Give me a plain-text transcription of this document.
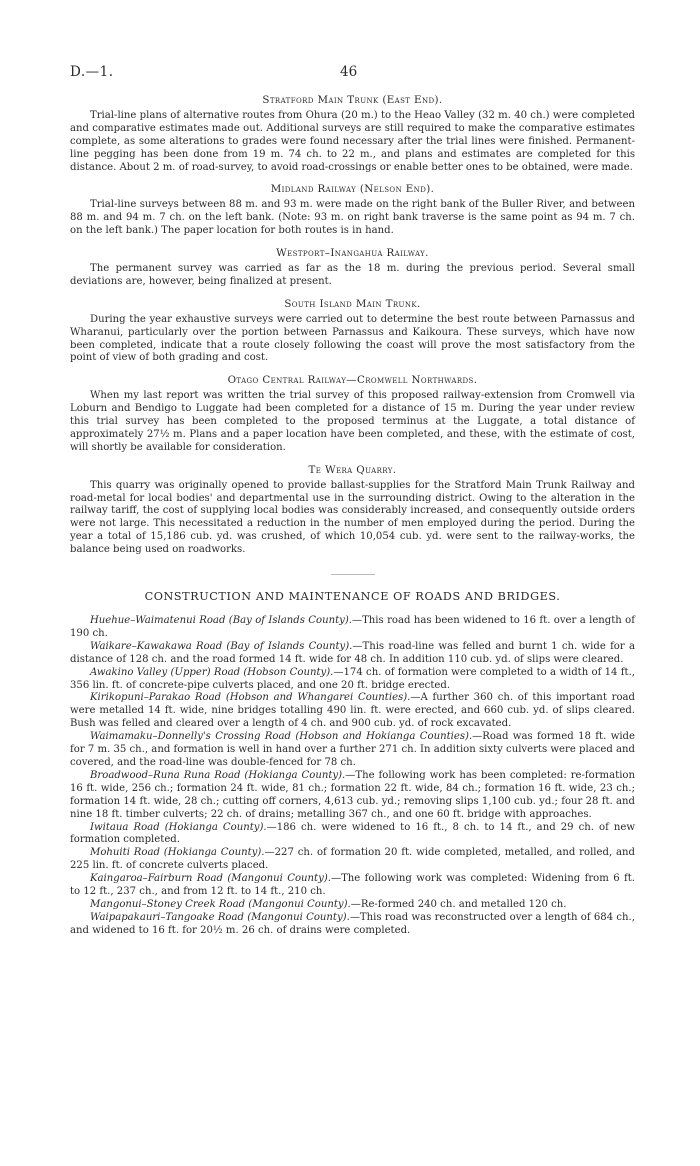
D.—1.	46
Stratford Main Trunk (East End).

Trial-line plans of alternative routes from Ohura (20 m.) to the Heao Valley (32 m. 40 ch.) were completed and comparative estimates made out. Additional surveys are still required to make the comparative estimates complete, as some alterations to grades were found necessary after the trial lines were finished. Permanent-line pegging has been done from 19 m. 74 ch. to 22 m., and plans and estimates are completed for this distance. About 2 m. of road-survey, to avoid road-crossings or enable better ones to be obtained, were made.

Midland Railway (Nelson End).

Trial-line surveys between 88 m. and 93 m. were made on the right bank of the Buller River, and between 88 m. and 94 m. 7 ch. on the left bank. (Note: 93 m. on right bank traverse is the same point as 94 m. 7 ch. on the left bank.) The paper location for both routes is in hand.

Westport–Inangahua Railway.

The permanent survey was carried as far as the 18 m. during the previous period. Several small deviations are, however, being finalized at present.

South Island Main Trunk.

During the year exhaustive surveys were carried out to determine the best route between Parnassus and Wharanui, particularly over the portion between Parnassus and Kaikoura. These surveys, which have now been completed, indicate that a route closely following the coast will prove the most satisfactory from the point of view of both grading and cost.

Otago Central Railway—Cromwell Northwards.

When my last report was written the trial survey of this proposed railway-extension from Cromwell via Loburn and Bendigo to Luggate had been completed for a distance of 15 m. During the year under review this trial survey has been completed to the proposed terminus at the Luggate, a total distance of approximately 27½ m. Plans and a paper location have been completed, and these, with the estimate of cost, will shortly be available for consideration.

Te Wera Quarry.

This quarry was originally opened to provide ballast-supplies for the Stratford Main Trunk Railway and road-metal for local bodies' and departmental use in the surrounding district. Owing to the alteration in the railway tariff, the cost of supplying local bodies was considerably increased, and consequently outside orders were not large. This necessitated a reduction in the number of men employed during the period. During the year a total of 15,186 cub. yd. was crushed, of which 10,054 cub. yd. were sent to the railway-works, the balance being used on roadworks.

CONSTRUCTION AND MAINTENANCE OF ROADS AND BRIDGES.

Huehue–Waimatenui Road (Bay of Islands County).—This road has been widened to 16 ft. over a length of 190 ch.

Waikare–Kawakawa Road (Bay of Islands County).—This road-line was felled and burnt 1 ch. wide for a distance of 128 ch. and the road formed 14 ft. wide for 48 ch. In addition 110 cub. yd. of slips were cleared.

Awakino Valley (Upper) Road (Hobson County).—174 ch. of formation were completed to a width of 14 ft., 356 lin. ft. of concrete-pipe culverts placed, and one 20 ft. bridge erected.

Kirikopuni–Parakao Road (Hobson and Whangarei Counties).—A further 360 ch. of this important road were metalled 14 ft. wide, nine bridges totalling 490 lin. ft. were erected, and 660 cub. yd. of slips cleared. Bush was felled and cleared over a length of 4 ch. and 900 cub. yd. of rock excavated.

Waimamaku–Donnelly's Crossing Road (Hobson and Hokianga Counties).—Road was formed 18 ft. wide for 7 m. 35 ch., and formation is well in hand over a further 271 ch. In addition sixty culverts were placed and covered, and the road-line was double-fenced for 78 ch.

Broadwood–Runa Runa Road (Hokianga County).—The following work has been completed: re-formation 16 ft. wide, 256 ch.; formation 24 ft. wide, 81 ch.; formation 22 ft. wide, 84 ch.; formation 16 ft. wide, 23 ch.; formation 14 ft. wide, 28 ch.; cutting off corners, 4,613 cub. yd.; removing slips 1,100 cub. yd.; four 28 ft. and nine 18 ft. timber culverts; 22 ch. of drains; metalling 367 ch., and one 60 ft. bridge with approaches.

Iwitaua Road (Hokianga County).—186 ch. were widened to 16 ft., 8 ch. to 14 ft., and 29 ch. of new formation completed.

Mohuiti Road (Hokianga County).—227 ch. of formation 20 ft. wide completed, metalled, and rolled, and 225 lin. ft. of concrete culverts placed.

Kaingaroa–Fairburn Road (Mangonui County).—The following work was completed: Widening from 6 ft. to 12 ft., 237 ch., and from 12 ft. to 14 ft., 210 ch.

Mangonui–Stoney Creek Road (Mangonui County).—Re-formed 240 ch. and metalled 120 ch.

Waipapakauri–Tangoake Road (Mangonui County).—This road was reconstructed over a length of 684 ch., and widened to 16 ft. for 20½ m. 26 ch. of drains were completed.
